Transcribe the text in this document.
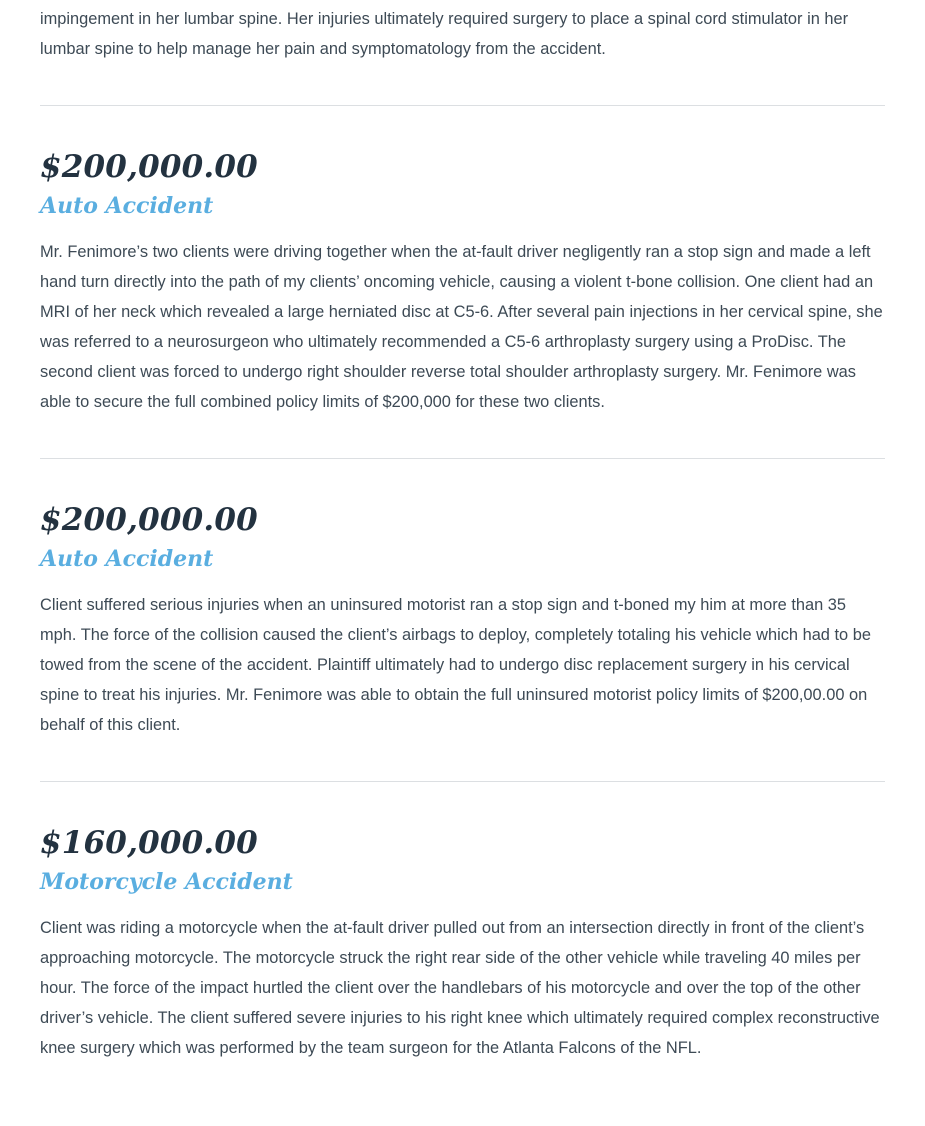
impingement in her lumbar spine. Her injuries ultimately required surgery to place a spinal cord stimulator in her lumbar spine to help manage her pain and symptomatology from the accident.

$200,000.00
Auto Accident

Mr. Fenimore’s two clients were driving together when the at-fault driver negligently ran a stop sign and made a left hand turn directly into the path of my clients’ oncoming vehicle, causing a violent t-bone collision. One client had an MRI of her neck which revealed a large herniated disc at C5-6. After several pain injections in her cervical spine, she was referred to a neurosurgeon who ultimately recommended a C5-6 arthroplasty surgery using a ProDisc. The second client was forced to undergo right shoulder reverse total shoulder arthroplasty surgery. Mr. Fenimore was able to secure the full combined policy limits of $200,000 for these two clients.

$200,000.00
Auto Accident

Client suffered serious injuries when an uninsured motorist ran a stop sign and t-boned my him at more than 35 mph. The force of the collision caused the client’s airbags to deploy, completely totaling his vehicle which had to be towed from the scene of the accident. Plaintiff ultimately had to undergo disc replacement surgery in his cervical spine to treat his injuries. Mr. Fenimore was able to obtain the full uninsured motorist policy limits of $200,00.00 on behalf of this client.

$160,000.00
Motorcycle Accident

Client was riding a motorcycle when the at-fault driver pulled out from an intersection directly in front of the client’s approaching motorcycle. The motorcycle struck the right rear side of the other vehicle while traveling 40 miles per hour. The force of the impact hurtled the client over the handlebars of his motorcycle and over the top of the other driver’s vehicle. The client suffered severe injuries to his right knee which ultimately required complex reconstructive knee surgery which was performed by the team surgeon for the Atlanta Falcons of the NFL.
